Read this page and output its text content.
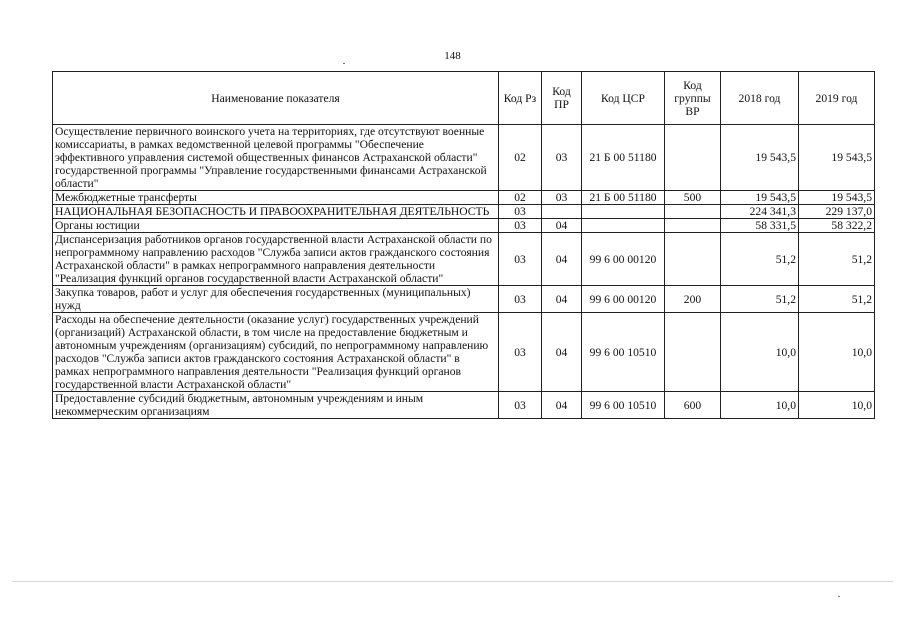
148
Наименование показателя	Код Рз	Код ПР	Код ЦСР	Код группы ВР	2018 год	2019 год
Осуществление первичного воинского учета на территориях, где отсутствуют военные комиссариаты, в рамках ведомственной целевой программы "Обеспечение эффективного управления системой общественных финансов Астраханской области" государственной программы "Управление государственными финансами Астраханской области"	02	03	21 Б 00 51180		19 543,5	19 543,5
Межбюджетные трансферты	02	03	21 Б 00 51180	500	19 543,5	19 543,5
НАЦИОНАЛЬНАЯ БЕЗОПАСНОСТЬ И ПРАВООХРАНИТЕЛЬНАЯ ДЕЯТЕЛЬНОСТЬ	03				224 341,3	229 137,0
Органы юстиции	03	04			58 331,5	58 322,2
Диспансеризация работников органов государственной власти Астраханской области по непрограммному направлению расходов "Служба записи актов гражданского состояния Астраханской области" в рамках непрограммного направления деятельности "Реализация функций органов государственной власти Астраханской области"	03	04	99 6 00 00120		51,2	51,2
Закупка товаров, работ и услуг для обеспечения государственных (муниципальных) нужд	03	04	99 6 00 00120	200	51,2	51,2
Расходы на обеспечение деятельности (оказание услуг) государственных учреждений (организаций) Астраханской области, в том числе на предоставление бюджетным и автономным учреждениям (организациям) субсидий, по непрограммному направлению расходов "Служба записи актов гражданского состояния Астраханской области" в рамках непрограммного направления деятельности "Реализация функций органов государственной власти Астраханской области"	03	04	99 6 00 10510		10,0	10,0
Предоставление субсидий бюджетным, автономным учреждениям и иным некоммерческим организациям	03	04	99 6 00 10510	600	10,0	10,0
